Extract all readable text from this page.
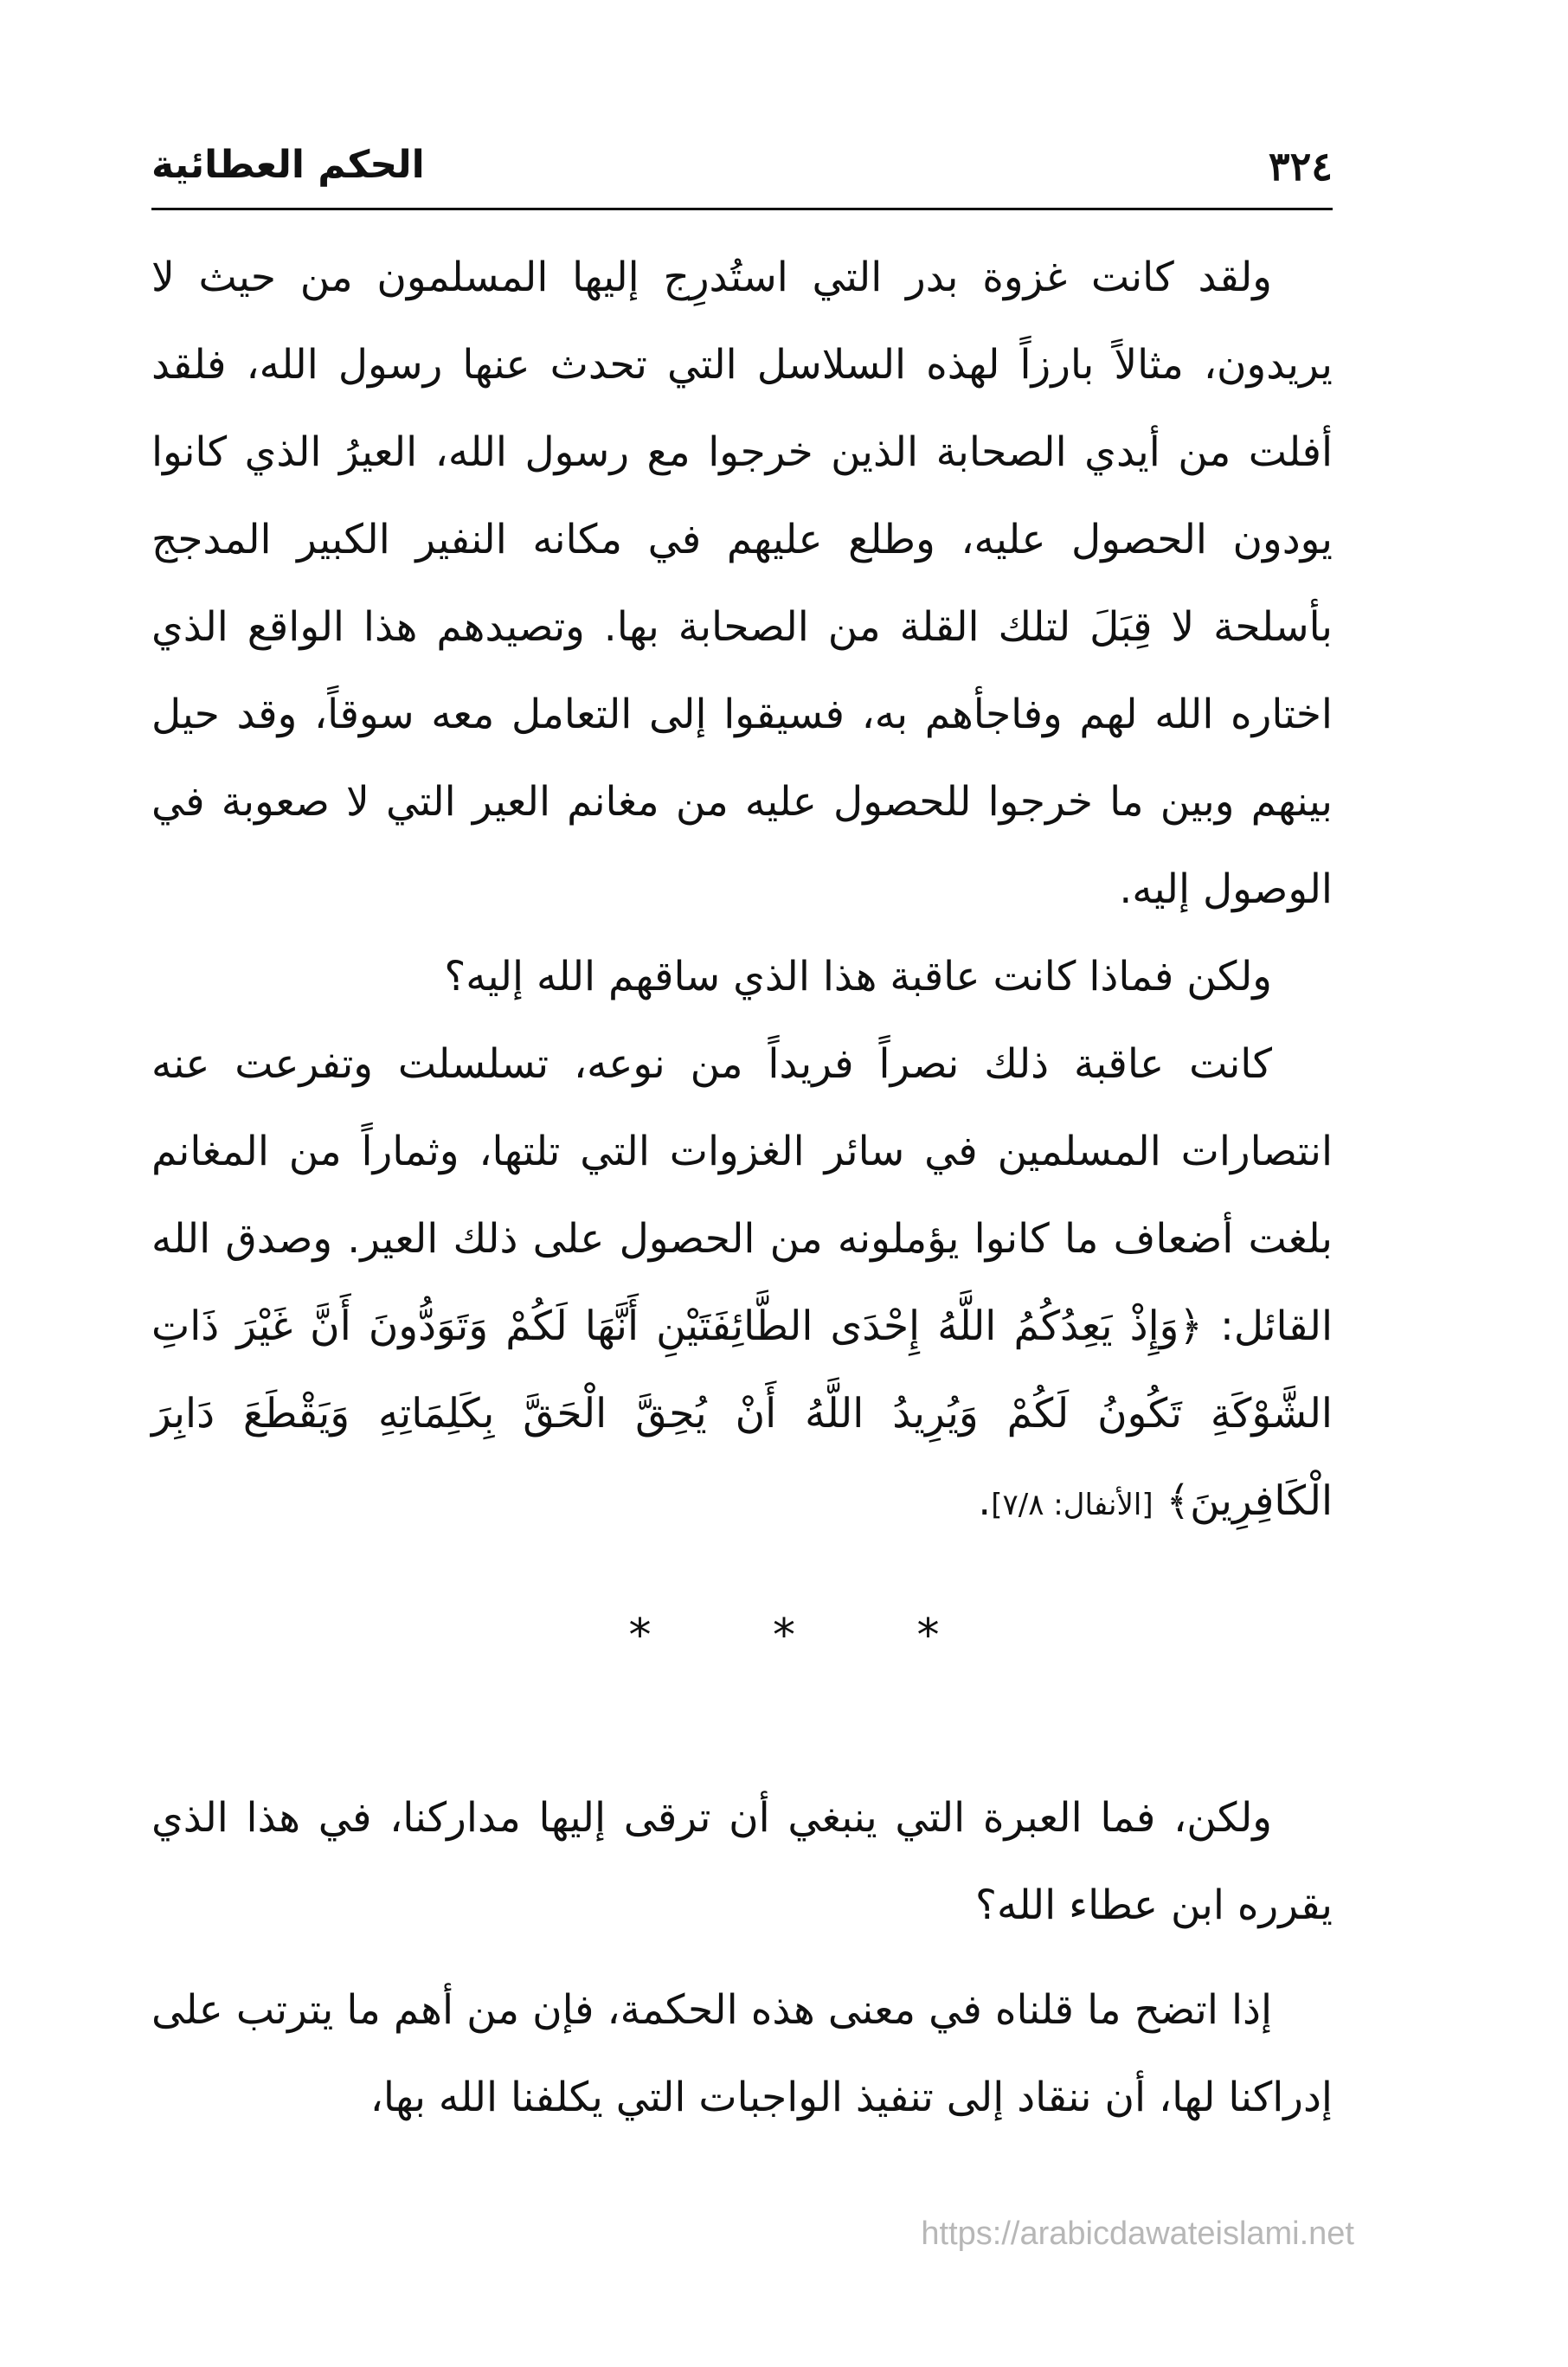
٣٢٤
الحكم العطائية

ولقد كانت غزوة بدر التي استُدرِج إليها المسلمون من حيث لا يريدون، مثالاً بارزاً لهذه السلاسل التي تحدث عنها رسول الله، فلقد أفلت من أيدي الصحابة الذين خرجوا مع رسول الله، العيرُ الذي كانوا يودون الحصول عليه، وطلع عليهم في مكانه النفير الكبير المدجج بأسلحة لا قِبَلَ لتلك القلة من الصحابة بها. وتصيدهم هذا الواقع الذي اختاره الله لهم وفاجأهم به، فسيقوا إلى التعامل معه سوقاً، وقد حيل بينهم وبين ما خرجوا للحصول عليه من مغانم العير التي لا صعوبة في الوصول إليه.

ولكن فماذا كانت عاقبة هذا الذي ساقهم الله إليه؟

كانت عاقبة ذلك نصراً فريداً من نوعه، تسلسلت وتفرعت عنه انتصارات المسلمين في سائر الغزوات التي تلتها، وثماراً من المغانم بلغت أضعاف ما كانوا يؤملونه من الحصول على ذلك العير. وصدق الله القائل: ﴿وَإِذْ يَعِدُكُمُ اللَّهُ إِحْدَى الطَّائِفَتَيْنِ أَنَّهَا لَكُمْ وَتَوَدُّونَ أَنَّ غَيْرَ ذَاتِ الشَّوْكَةِ تَكُونُ لَكُمْ وَيُرِيدُ اللَّهُ أَنْ يُحِقَّ الْحَقَّ بِكَلِمَاتِهِ وَيَقْطَعَ دَابِرَ الْكَافِرِينَ﴾ [الأنفال: ٧/٨].

*	*	*

ولكن، فما العبرة التي ينبغي أن ترقى إليها مداركنا، في هذا الذي يقرره ابن عطاء الله؟

إذا اتضح ما قلناه في معنى هذه الحكمة، فإن من أهم ما يترتب على إدراكنا لها، أن ننقاد إلى تنفيذ الواجبات التي يكلفنا الله بها،

https://arabicdawateislami.net
